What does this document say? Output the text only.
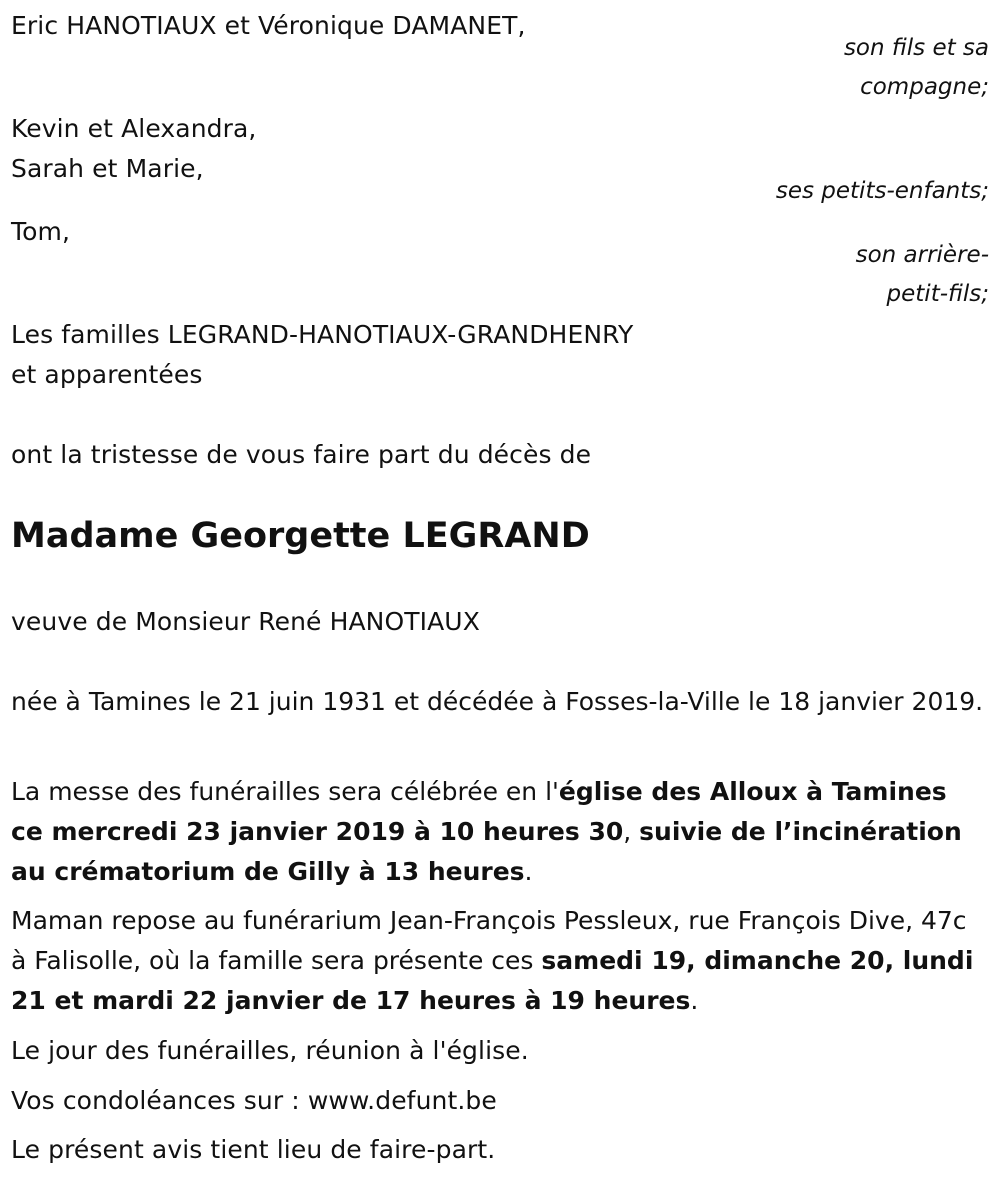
Eric HANOTIAUX et Véronique DAMANET,
son fils et sa
compagne;
Kevin et Alexandra,
Sarah et Marie,
ses petits-enfants;
Tom,
son arrière-
petit-fils;
Les familles LEGRAND-HANOTIAUX-GRANDHENRY
et apparentées
ont la tristesse de vous faire part du décès de
Madame Georgette LEGRAND
veuve de Monsieur René HANOTIAUX
née à Tamines le 21 juin 1931 et décédée à Fosses-la-Ville le 18 janvier 2019.
La messe des funérailles sera célébrée en l'église des Alloux à Tamines ce mercredi 23 janvier 2019 à 10 heures 30, suivie de l’incinération au crématorium de Gilly à 13 heures.
Maman repose au funérarium Jean-François Pessleux, rue François Dive, 47c à Falisolle, où la famille sera présente ces samedi 19, dimanche 20, lundi 21 et mardi 22 janvier de 17 heures à 19 heures.
Le jour des funérailles, réunion à l'église.
Vos condoléances sur : www.defunt.be
Le présent avis tient lieu de faire-part.
